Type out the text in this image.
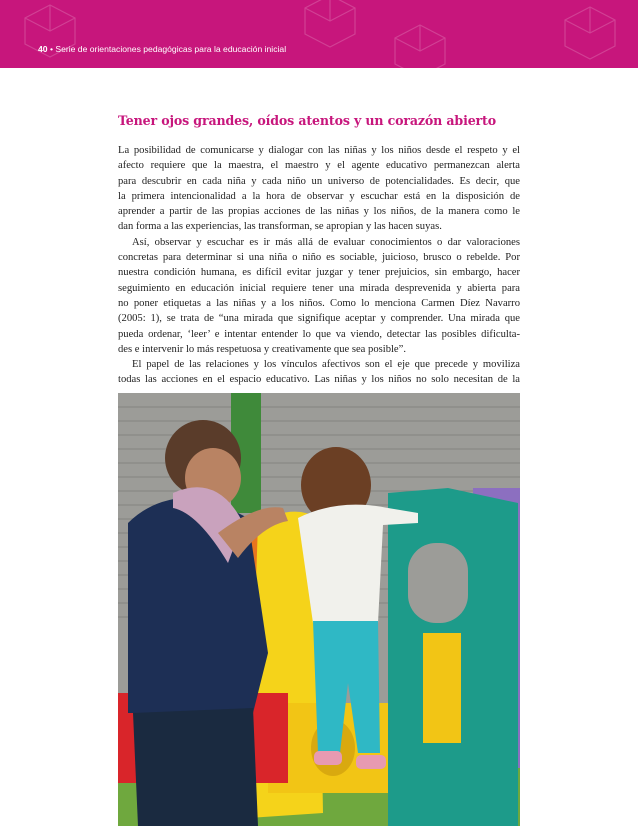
40 • Serie de orientaciones pedagógicas para la educación inicial
Tener ojos grandes, oídos atentos y un corazón abierto
La posibilidad de comunicarse y dialogar con las niñas y los niños desde el respeto y el
afecto requiere que la maestra, el maestro y el agente educativo permanezcan alerta
para descubrir en cada niña y cada niño un universo de potencialidades. Es decir, que
la primera intencionalidad a la hora de observar y escuchar está en la disposición de
aprender a partir de las propias acciones de las niñas y los niños, de la manera como le
dan forma a las experiencias, las transforman, se apropian y las hacen suyas.
Así, observar y escuchar es ir más allá de evaluar conocimientos o dar valoraciones
concretas para determinar si una niña o niño es sociable, juicioso, brusco o rebelde. Por
nuestra condición humana, es difícil evitar juzgar y tener prejuicios, sin embargo, hacer
seguimiento en educación inicial requiere tener una mirada desprevenida y abierta para
no poner etiquetas a las niñas y a los niños. Como lo menciona Carmen Díez Navarro
(2005: 1), se trata de “una mirada que signifique aceptar y comprender. Una mirada que
pueda ordenar, ‘leer’ e intentar entender lo que va viendo, detectar las posibles dificulta-
des e intervenir lo más respetuosa y creativamente que sea posible”.
El papel de las relaciones y los vínculos afectivos son el eje que precede y moviliza
todas las acciones en el espacio educativo. Las niñas y los niños no solo necesitan de la
